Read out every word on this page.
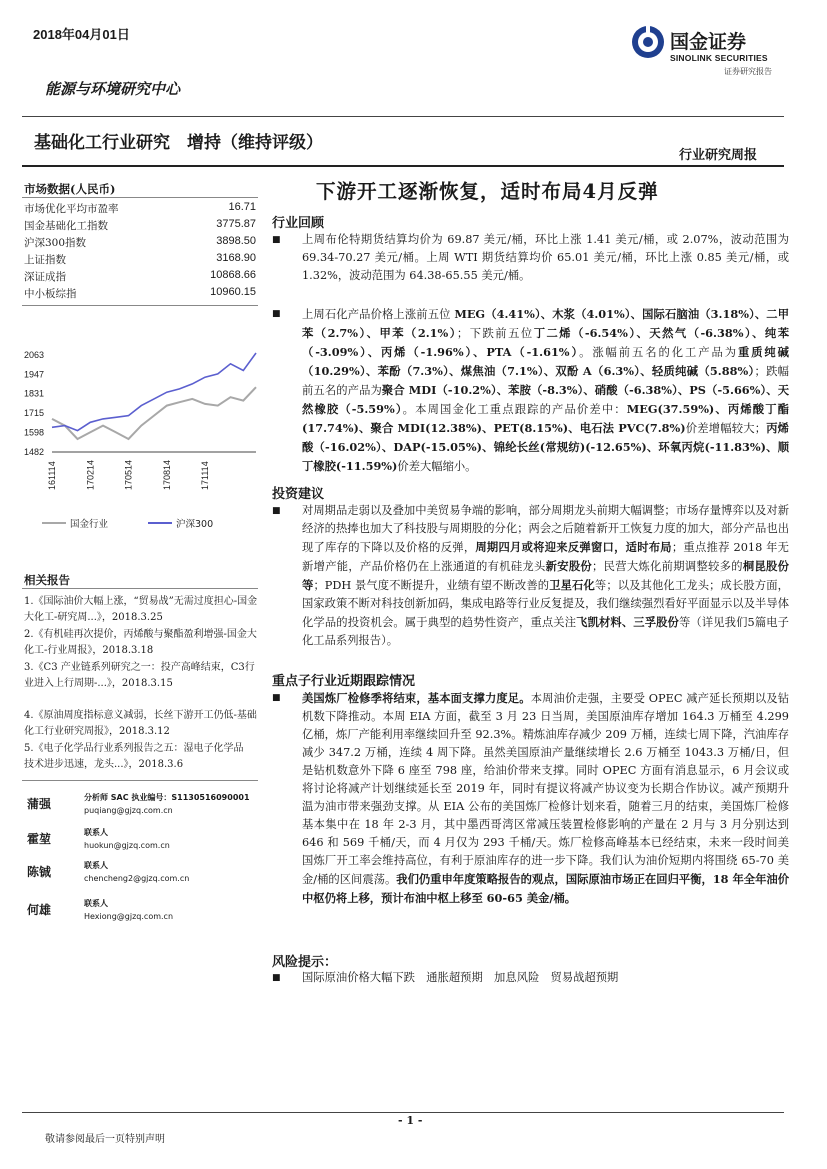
2018年04月01日	国金证券
SINOLINK SECURITIES
证券研究报告
能源与环境研究中心
基础化工行业研究　增持（维持评级）
行业研究周报
市场数据(人民币)
市场优化平均市盈率	16.71
国金基础化工指数	3775.87
沪深300指数	3898.50
上证指数	3168.90
深证成指	10868.66
中小板综指	10960.15
2063
1947
1831
1715
1598
1482
161114	170214	170514	170814	171114
国金行业	沪深300
相关报告
1.《国际油价大幅上涨，“贸易战”无需过度担心-国金大化工-研究周...》，2018.3.25
2.《有机硅再次提价，丙烯酸与聚酯盈利增强-国金大化工-行业周报》，2018.3.18
3.《C3 产业链系列研究之一：投产高峰结束，C3行业进入上行周期-...》，2018.3.15
4.《原油周度指标意义减弱，长丝下游开工仍低-基础化工行业研究周报》，2018.3.12
5.《电子化学品行业系列报告之五：湿电子化学品　技术进步迅速，龙头...》，2018.3.6
蒲强	分析师 SAC 执业编号：S1130516090001
puqiang@gjzq.com.cn
霍堃	联系人
huokun@gjzq.com.cn
陈铖	联系人
chencheng2@gjzq.com.cn
何雄	联系人
Hexiong@gjzq.com.cn
下游开工逐渐恢复，适时布局4月反弹
行业回顾
■	上周布伦特期货结算均价为 69.87 美元/桶，环比上涨 1.41 美元/桶，或 2.07%，波动范围为 69.34-70.27 美元/桶。上周 WTI 期货结算均价 65.01 美元/桶，环比上涨 0.85 美元/桶，或 1.32%，波动范围为 64.38-65.55 美元/桶。
■	上周石化产品价格上涨前五位 MEG（4.41%）、木浆（4.01%）、国际石脑油（3.18%）、二甲苯（2.7%）、甲苯（2.1%）；下跌前五位丁二烯（-6.54%）、天然气（-6.38%）、纯苯（-3.09%）、丙烯（-1.96%）、PTA（-1.61%）。涨幅前五名的化工产品为重质纯碱（10.29%）、苯酚（7.3%）、煤焦油（7.1%）、双酚 A（6.3%）、轻质纯碱（5.88%）；跌幅前五名的产品为聚合 MDI（-10.2%）、苯胺（-8.3%）、硝酸（-6.38%）、PS（-5.66%）、天然橡胶（-5.59%）。本周国金化工重点跟踪的产品价差中：MEG(37.59%)、丙烯酸丁酯(17.74%)、聚合 MDI(12.38%)、PET(8.15%)、电石法 PVC(7.8%)价差增幅较大；丙烯酸（-16.02%）、DAP(-15.05%)、锦纶长丝(常规纺)(-12.65%)、环氧丙烷(-11.83%)、顺丁橡胶(-11.59%)价差大幅缩小。
投资建议
■	对周期品走弱以及叠加中美贸易争端的影响，部分周期龙头前期大幅调整；市场存量博弈以及对新经济的热捧也加大了科技股与周期股的分化；两会之后随着新开工恢复力度的加大，部分产品也出现了库存的下降以及价格的反弹，周期四月或将迎来反弹窗口，适时布局；重点推荐 2018 年无新增产能，产品价格仍在上涨通道的有机硅龙头新安股份；民营大炼化前期调整较多的桐昆股份等；PDH 景气度不断提升，业绩有望不断改善的卫星石化等；以及其他化工龙头；成长股方面，国家政策不断对科技创新加码，集成电路等行业反复提及，我们继续强烈看好平面显示以及半导体化学品的投资机会。属于典型的趋势性资产，重点关注飞凯材料、三孚股份等（详见我们5篇电子化工品系列报告）。
重点子行业近期跟踪情况
■	美国炼厂检修季将结束，基本面支撑力度足。本周油价走强，主要受 OPEC 减产延长预期以及钻机数下降推动。本周 EIA 方面，截至 3 月 23 日当周，美国原油库存增加 164.3 万桶至 4.299 亿桶，炼厂产能利用率继续回升至 92.3%。精炼油库存减少 209 万桶，连续七周下降，汽油库存减少 347.2 万桶，连续 4 周下降。虽然美国原油产量继续增长 2.6 万桶至 1043.3 万桶/日，但是钻机数意外下降 6 座至 798 座，给油价带来支撑。同时 OPEC 方面有消息显示，6 月会议或将讨论将减产计划继续延长至 2019 年，同时有提议将减产协议变为长期合作协议。减产预期升温为油市带来强劲支撑。从 EIA 公布的美国炼厂检修计划来看，随着三月的结束，美国炼厂检修基本集中在 18 年 2-3 月，其中墨西哥湾区常减压装置检修影响的产量在 2 月与 3 月分别达到 646 和 569 千桶/天，而 4 月仅为 293 千桶/天。炼厂检修高峰基本已经结束，未来一段时间美国炼厂开工率会维持高位，有利于原油库存的进一步下降。我们认为油价短期内将围绕 65-70 美金/桶的区间震荡。我们仍重申年度策略报告的观点，国际原油市场正在回归平衡，18 年全年油价中枢仍将上移，预计布油中枢上移至 60-65 美金/桶。
风险提示：
■	国际原油价格大幅下跌　通胀超预期　加息风险　贸易战超预期
- 1 -
敬请参阅最后一页特别声明
